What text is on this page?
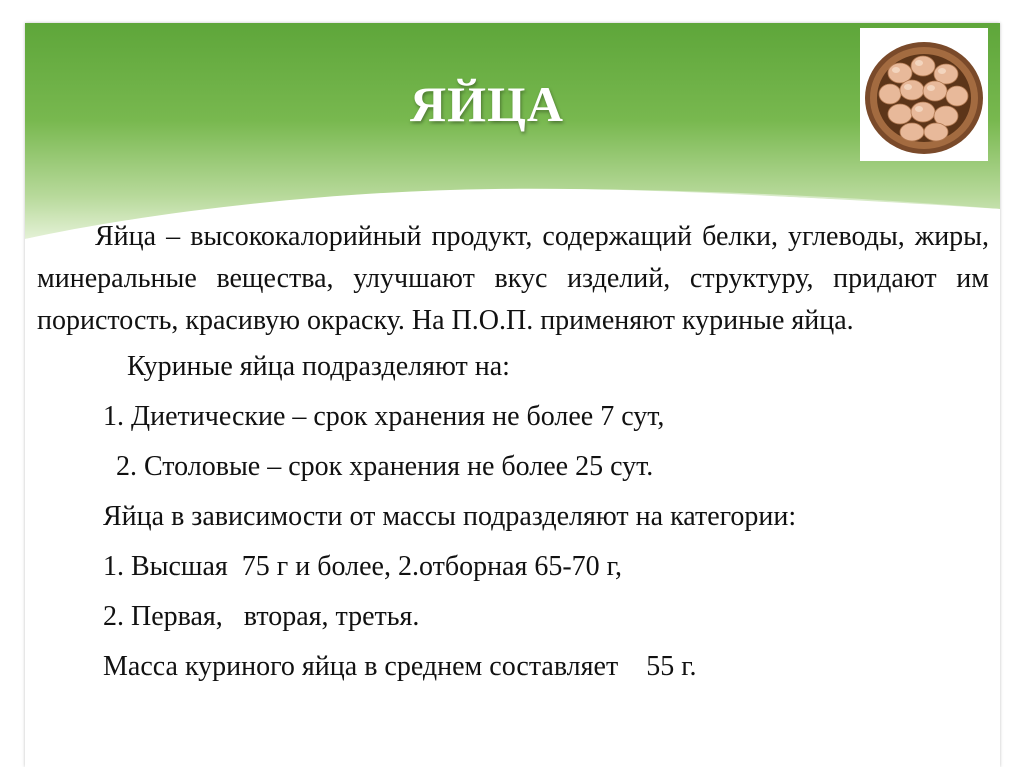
ЯЙЦА

Яйца – высококалорийный продукт, содержащий белки, углеводы, жиры, минеральные вещества, улучшают вкус изделий, структуру, придают им пористость, красивую окраску. На П.О.П. применяют куриные яйца.

Куриные яйца подразделяют на:

1. Диетические – срок хранения не более 7 сут,

2. Столовые – срок хранения не более 25 сут.

Яйца в зависимости от массы подразделяют на категории:

1. Высшая  75 г и более, 2.отборная 65-70 г,

2. Первая,   вторая, третья.

Масса куриного яйца в среднем составляет    55 г.
